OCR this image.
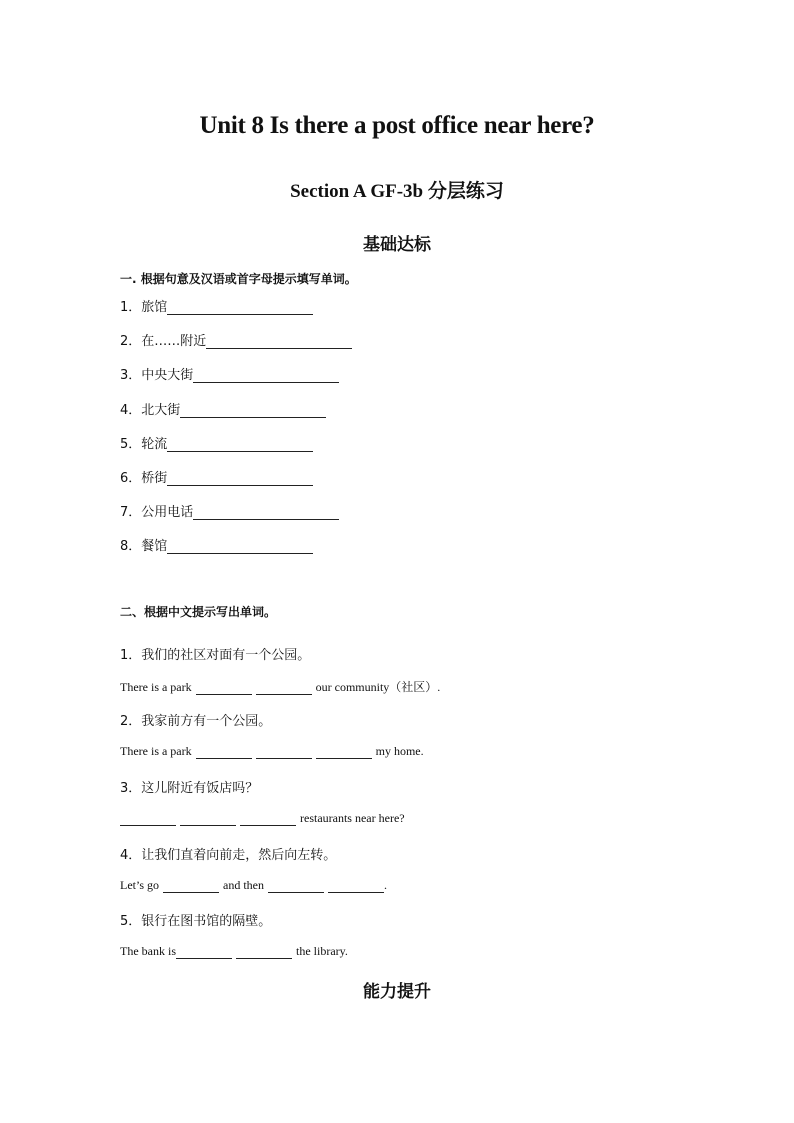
Unit 8 Is there a post office near here?
Section A GF-3b 分层练习
基础达标
一. 根据句意及汉语或首字母提示填写单词。
1． 旅馆
2． 在……附近
3． 中央大街
4． 北大街
5． 轮流
6． 桥街
7． 公用电话
8． 餐馆
二、根据中文提示写出单词。
1．我们的社区对面有一个公园。
There is a park	our community（社区）.
2．我家前方有一个公园。
There is a park	my home.
3．这儿附近有饭店吗？
restaurants near here?
4．让我们直着向前走，然后向左转。
Let’s go	and then	.
5．银行在图书馆的隔壁。
The bank is	the library.
能力提升
